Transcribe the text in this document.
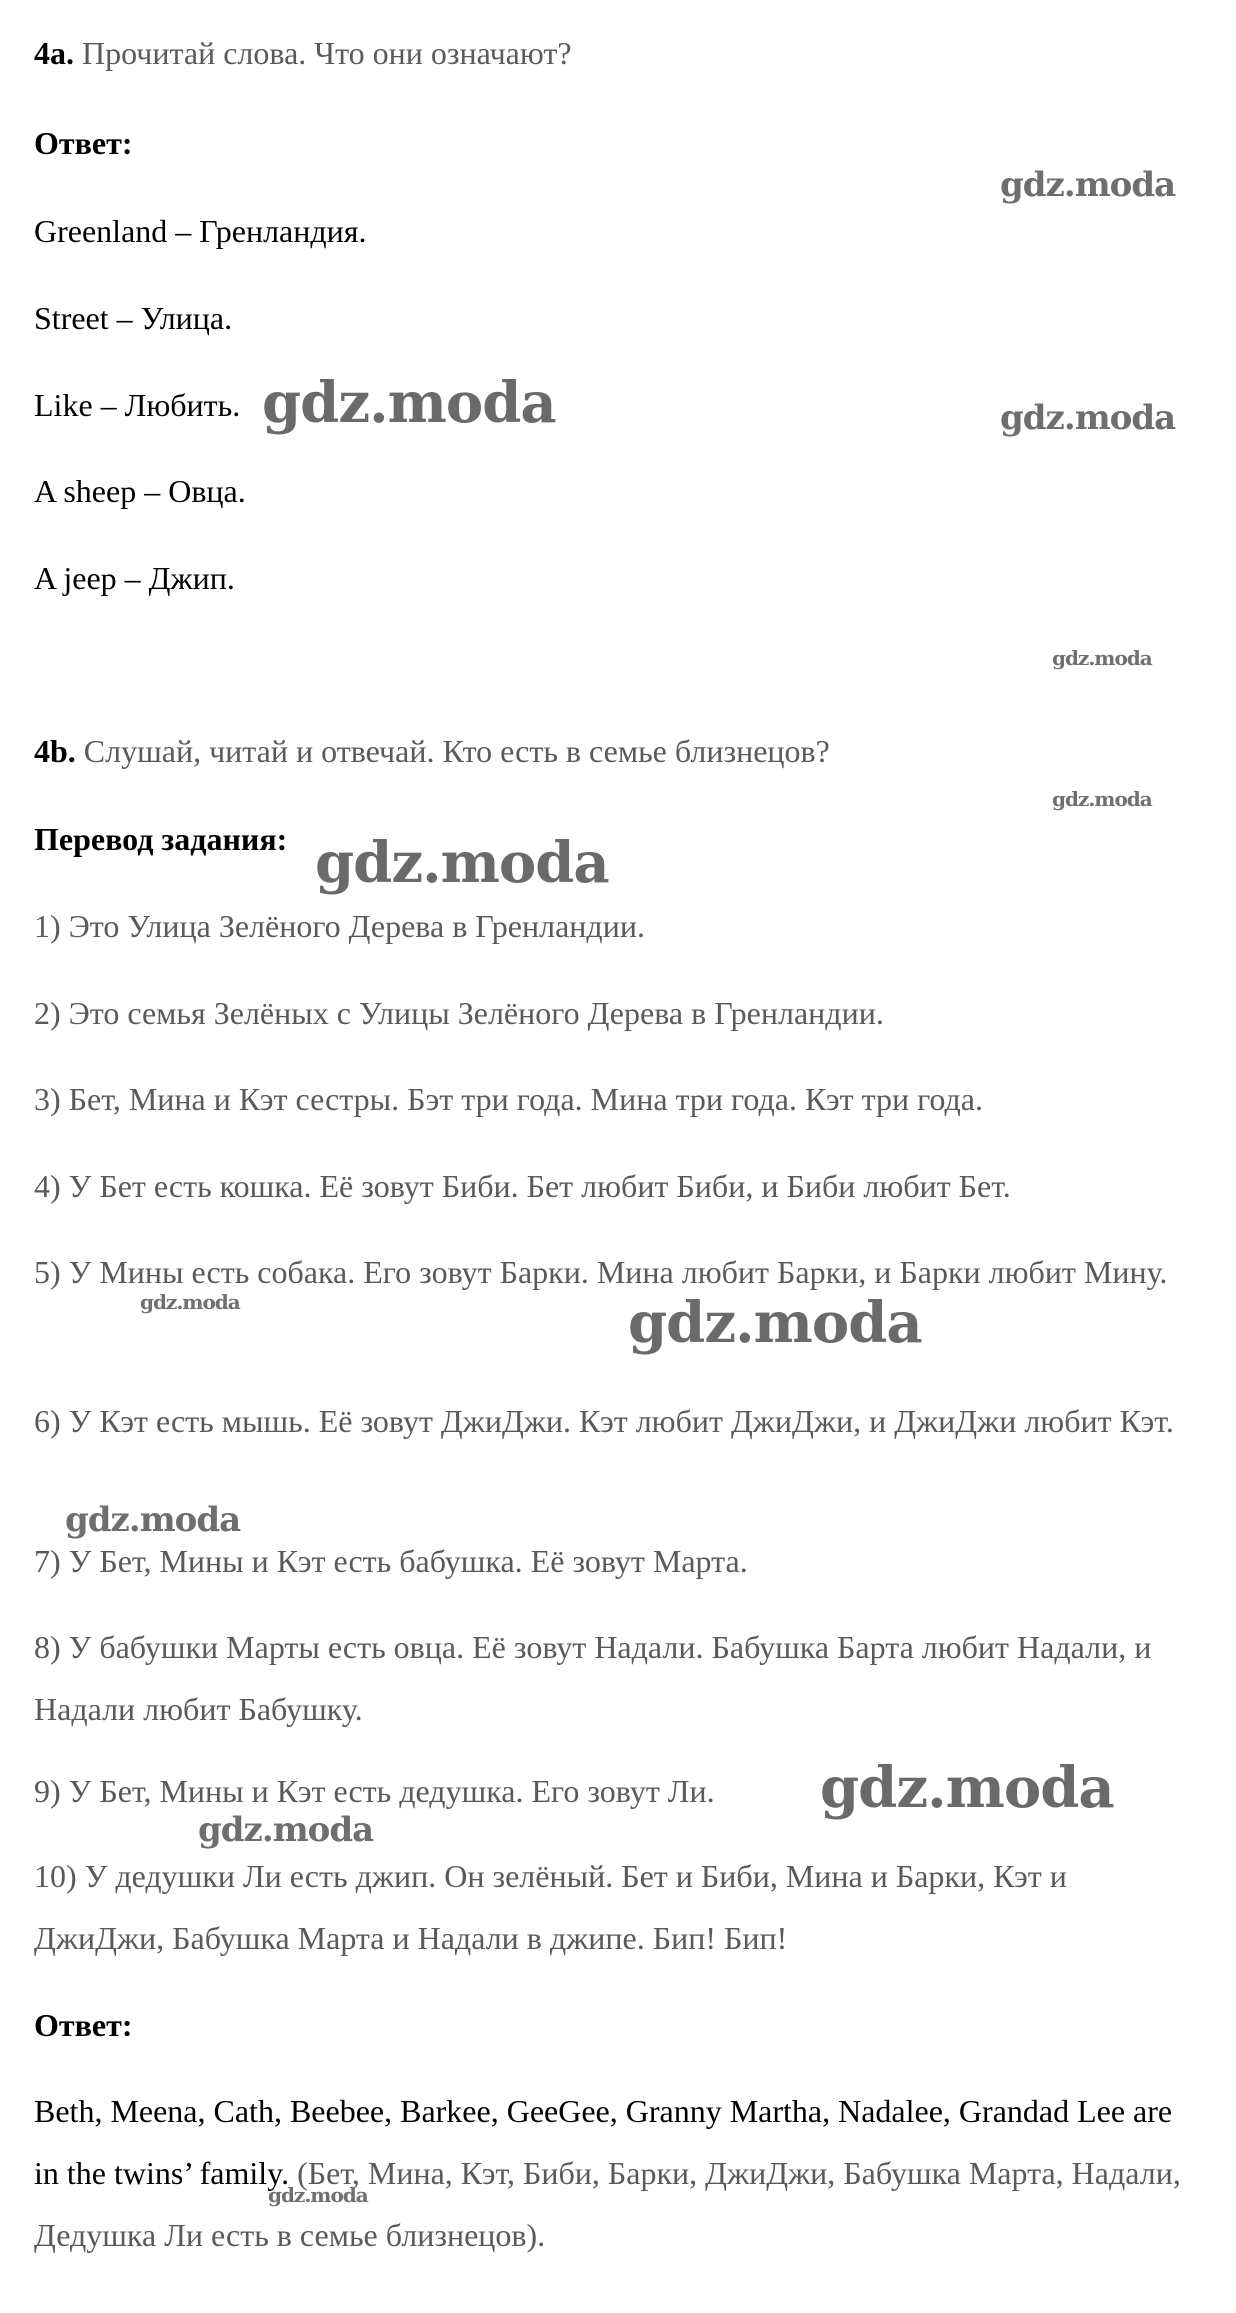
4a. Прочитай слова. Что они означают?

Ответ:

Greenland – Гренландия.

Street – Улица.

Like – Любить.

A sheep – Овца.

A jeep – Джип.

4b. Слушай, читай и отвечай. Кто есть в семье близнецов?

Перевод задания:

1) Это Улица Зелёного Дерева в Гренландии.

2) Это семья Зелёных с Улицы Зелёного Дерева в Гренландии.

3) Бет, Мина и Кэт сестры. Бэт три года. Мина три года. Кэт три года.

4) У Бет есть кошка. Её зовут Биби. Бет любит Биби, и Биби любит Бет.

5) У Мины есть собака. Его зовут Барки. Мина любит Барки, и Барки любит Мину.

6) У Кэт есть мышь. Её зовут ДжиДжи. Кэт любит ДжиДжи, и ДжиДжи любит Кэт.

7) У Бет, Мины и Кэт есть бабушка. Её зовут Марта.

8) У бабушки Марты есть овца. Её зовут Надали. Бабушка Барта любит Надали, и Надали любит Бабушку.

9) У Бет, Мины и Кэт есть дедушка. Его зовут Ли.

10) У дедушки Ли есть джип. Он зелёный. Бет и Биби, Мина и Барки, Кэт и ДжиДжи, Бабушка Марта и Надали в джипе. Бип! Бип!

Ответ:

Beth, Meena, Cath, Beebee, Barkee, GeeGee, Granny Martha, Nadalee, Grandad Lee are in the twins’ family. (Бет, Мина, Кэт, Биби, Барки, ДжиДжи, Бабушка Марта, Надали, Дедушка Ли есть в семье близнецов).

gdz.moda
gdz.moda	gdz.moda
gdz.moda
gdz.moda
gdz.moda
gdz.moda	gdz.moda
gdz.moda
gdz.moda
gdz.moda
gdz.moda
